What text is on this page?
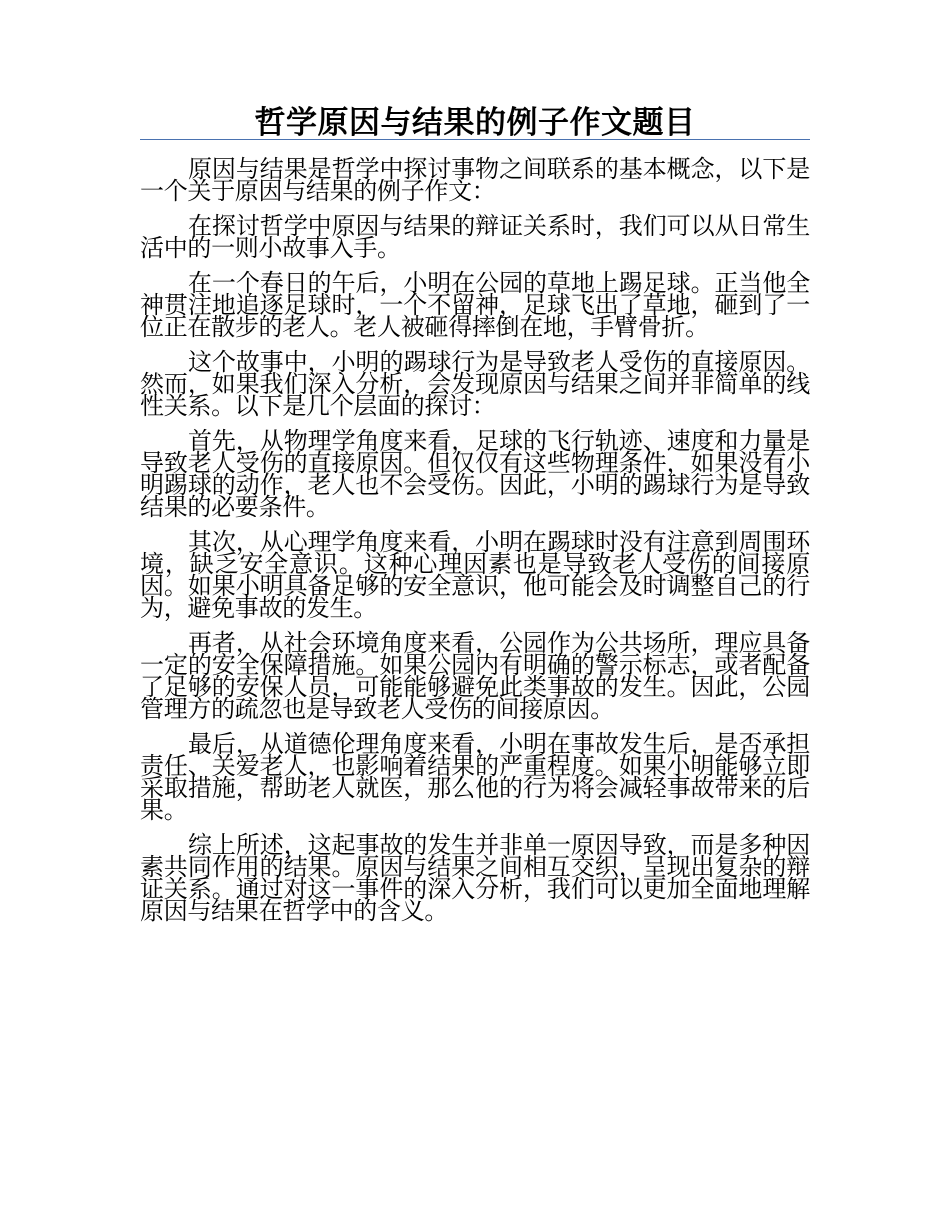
哲学原因与结果的例子作文题目

原因与结果是哲学中探讨事物之间联系的基本概念，以下是一个关于原因与结果的例子作文：

在探讨哲学中原因与结果的辩证关系时，我们可以从日常生活中的一则小故事入手。

在一个春日的午后，小明在公园的草地上踢足球。正当他全神贯注地追逐足球时，一个不留神，足球飞出了草地，砸到了一位正在散步的老人。老人被砸得摔倒在地，手臂骨折。

这个故事中，小明的踢球行为是导致老人受伤的直接原因。然而，如果我们深入分析，会发现原因与结果之间并非简单的线性关系。以下是几个层面的探讨：

首先，从物理学角度来看，足球的飞行轨迹、速度和力量是导致老人受伤的直接原因。但仅仅有这些物理条件，如果没有小明踢球的动作，老人也不会受伤。因此，小明的踢球行为是导致结果的必要条件。

其次，从心理学角度来看，小明在踢球时没有注意到周围环境，缺乏安全意识。这种心理因素也是导致老人受伤的间接原因。如果小明具备足够的安全意识，他可能会及时调整自己的行为，避免事故的发生。

再者，从社会环境角度来看，公园作为公共场所，理应具备一定的安全保障措施。如果公园内有明确的警示标志，或者配备了足够的安保人员，可能能够避免此类事故的发生。因此，公园管理方的疏忽也是导致老人受伤的间接原因。

最后，从道德伦理角度来看，小明在事故发生后，是否承担责任、关爱老人，也影响着结果的严重程度。如果小明能够立即采取措施，帮助老人就医，那么他的行为将会减轻事故带来的后果。

综上所述，这起事故的发生并非单一原因导致，而是多种因素共同作用的结果。原因与结果之间相互交织，呈现出复杂的辩证关系。通过对这一事件的深入分析，我们可以更加全面地理解原因与结果在哲学中的含义。
